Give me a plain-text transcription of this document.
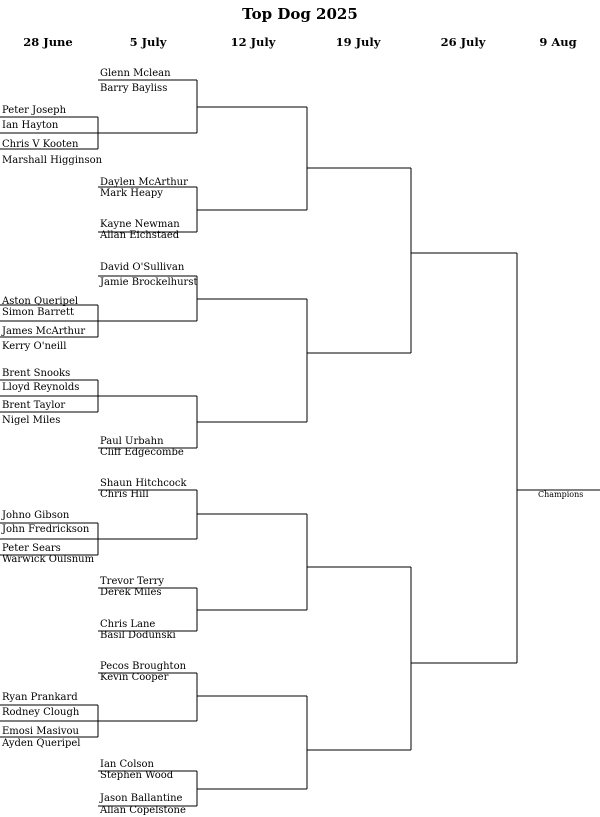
Top Dog 2025
28 June	5 July	12 July	19 July	26 July	9 Aug
Peter Joseph
Ian Hayton
Chris V Kooten
Marshall Higginson
Aston Queripel
Simon Barrett
James McArthur
Kerry O'neill
Brent Snooks
Lloyd Reynolds
Brent Taylor
Nigel Miles
Johno Gibson
John Fredrickson
Peter Sears
Warwick Oulsnum
Ryan Prankard
Rodney Clough
Emosi Masivou
Ayden Queripel
Glenn Mclean
Barry Bayliss
Daylen McArthur
Mark Heapy
Kayne Newman
Allan Eichstaed
David O'Sullivan
Jamie Brockelhurst
Paul Urbahn
Cliff Edgecombe
Shaun Hitchcock
Chris Hill
Trevor Terry
Derek Miles
Chris Lane
Basil Dodunski
Pecos Broughton
Kevin Cooper
Ian Colson
Stephen Wood
Jason Ballantine
Allan Copelstone
Champions
